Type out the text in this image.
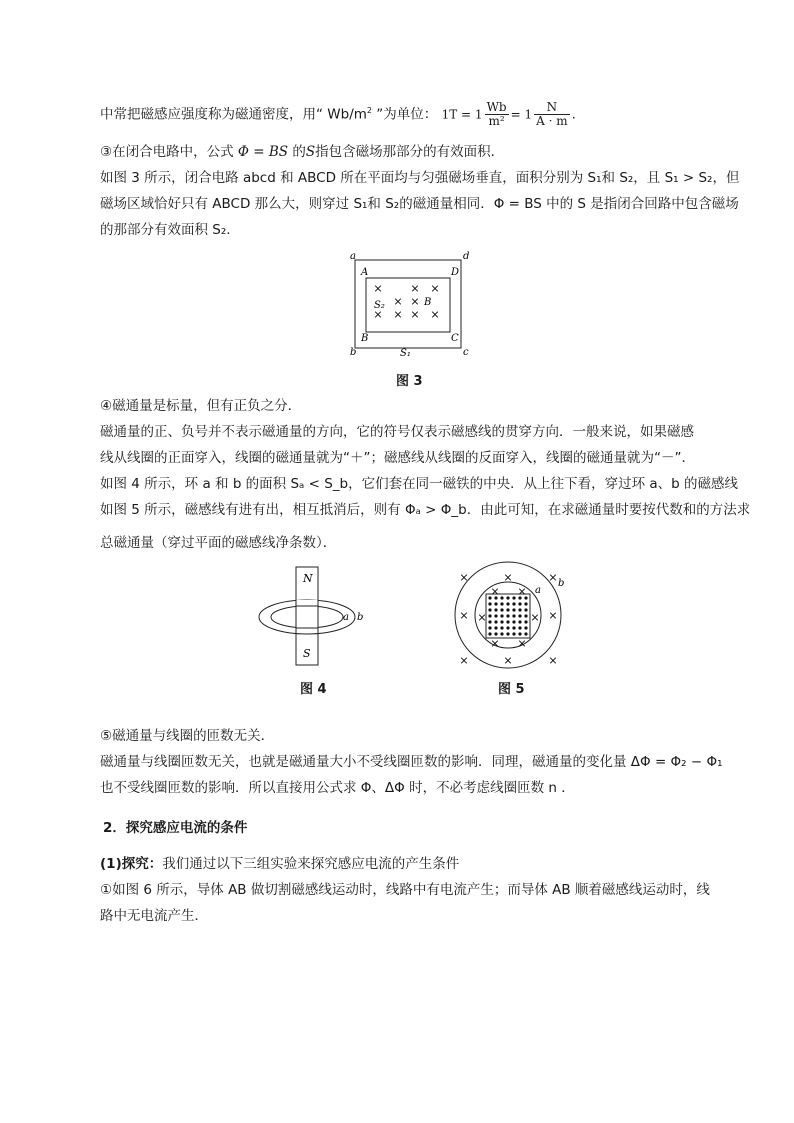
中常把磁感应强度称为磁通密度，用“ $Wb/m^2$ ”为单位： $1T = 1 \frac{Wb}{\text{m²}} = 1 \frac{N}{A \cdot m}$ .
③在闭合电路中，公式 Φ = BS 的S指包含磁场那部分的有效面积．
如图 3 所示，闭合电路 abcd 和 ABCD 所在平面均与匀强磁场垂直，面积分别为 S₁和 S₂，且 S₁ > S₂，但
磁场区域恰好只有 ABCD 那么大，则穿过 S₁和 S₂的磁通量相同．Φ = BS 中的 S 是指闭合回路中包含磁场
的那部分有效面积 S₂.
a	d
b	c
A	D
B	C
S₂	B
S₁
×	× ×
× ×
× × × ×
图 3
④磁通量是标量，但有正负之分．
磁通量的正、负号并不表示磁通量的方向，它的符号仅表示磁感线的贯穿方向．一般来说，如果磁感
线从线圈的正面穿入，线圈的磁通量就为“＋”；磁感线从线圈的反面穿入，线圈的磁通量就为“－”．
如图 4 所示，环 a 和 b 的面积 Sₐ < S_b，它们套在同一磁铁的中央．从上往下看，穿过环 a、b 的磁感线
如图 5 所示，磁感线有进有出，相互抵消后，则有 Φₐ > Φ_b．由此可知，在求磁通量时要按代数和的方法求
总磁通量（穿过平面的磁感线净条数）．
N
S
a b
图 4
×	×	×
×	×
×	×	×
× ×
×	×
× ×
a
b
图 5
⑤磁通量与线圈的匝数无关．
磁通量与线圈匝数无关，也就是磁通量大小不受线圈匝数的影响．同理，磁通量的变化量 ΔΦ = Φ₂ − Φ₁
也不受线圈匝数的影响．所以直接用公式求 Φ、ΔΦ 时，不必考虑线圈匝数 n ．
2．探究感应电流的条件
(1)探究：我们通过以下三组实验来探究感应电流的产生条件
①如图 6 所示，导体 AB 做切割磁感线运动时，线路中有电流产生；而导体 AB 顺着磁感线运动时，线
路中无电流产生．
